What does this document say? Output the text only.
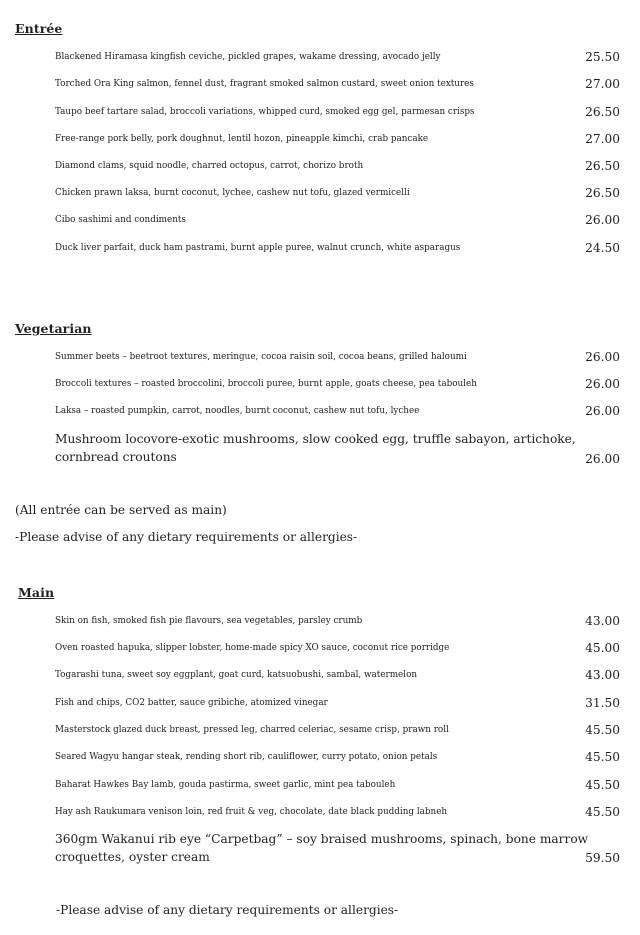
Entrée
Blackened Hiramasa kingfish ceviche, pickled grapes, wakame dressing, avocado jelly	25.50
Torched Ora King salmon, fennel dust, fragrant smoked salmon custard, sweet onion textures	27.00
Taupo beef tartare salad, broccoli variations, whipped curd, smoked egg gel, parmesan crisps	26.50
Free-range pork belly, pork doughnut, lentil hozon, pineapple kimchi, crab pancake	27.00
Diamond clams, squid noodle, charred octopus, carrot, chorizo broth	26.50
Chicken prawn laksa, burnt coconut, lychee, cashew nut tofu, glazed vermicelli	26.50
Cibo sashimi and condiments	26.00
Duck liver parfait, duck ham pastrami, burnt apple puree, walnut crunch, white asparagus	24.50
Vegetarian
Summer beets – beetroot textures, meringue, cocoa raisin soil, cocoa beans, grilled haloumi	26.00
Broccoli textures – roasted broccolini, broccoli puree, burnt apple, goats cheese, pea tabouleh	26.00
Laksa – roasted pumpkin, carrot, noodles, burnt coconut, cashew nut tofu, lychee	26.00
Mushroom locovore-exotic mushrooms, slow cooked egg, truffle sabayon, artichoke, cornbread croutons	26.00
(All entrée can be served as main)
-Please advise of any dietary requirements or allergies-
Main
Skin on fish, smoked fish pie flavours, sea vegetables, parsley crumb	43.00
Oven roasted hapuka, slipper lobster, home-made spicy XO sauce, coconut rice porridge	45.00
Togarashi tuna, sweet soy eggplant, goat curd, katsuobushi, sambal, watermelon	43.00
Fish and chips, CO2 batter, sauce gribiche, atomized vinegar	31.50
Masterstock glazed duck breast, pressed leg, charred celeriac, sesame crisp, prawn roll	45.50
Seared Wagyu hangar steak, rending short rib, cauliflower, curry potato, onion petals	45.50
Baharat Hawkes Bay lamb, gouda pastirma, sweet garlic, mint pea tabouleh	45.50
Hay ash Raukumara venison loin, red fruit & veg, chocolate, date black pudding labneh	45.50
360gm Wakanui rib eye “Carpetbag” – soy braised mushrooms, spinach, bone marrow croquettes, oyster cream	59.50
-Please advise of any dietary requirements or allergies-
